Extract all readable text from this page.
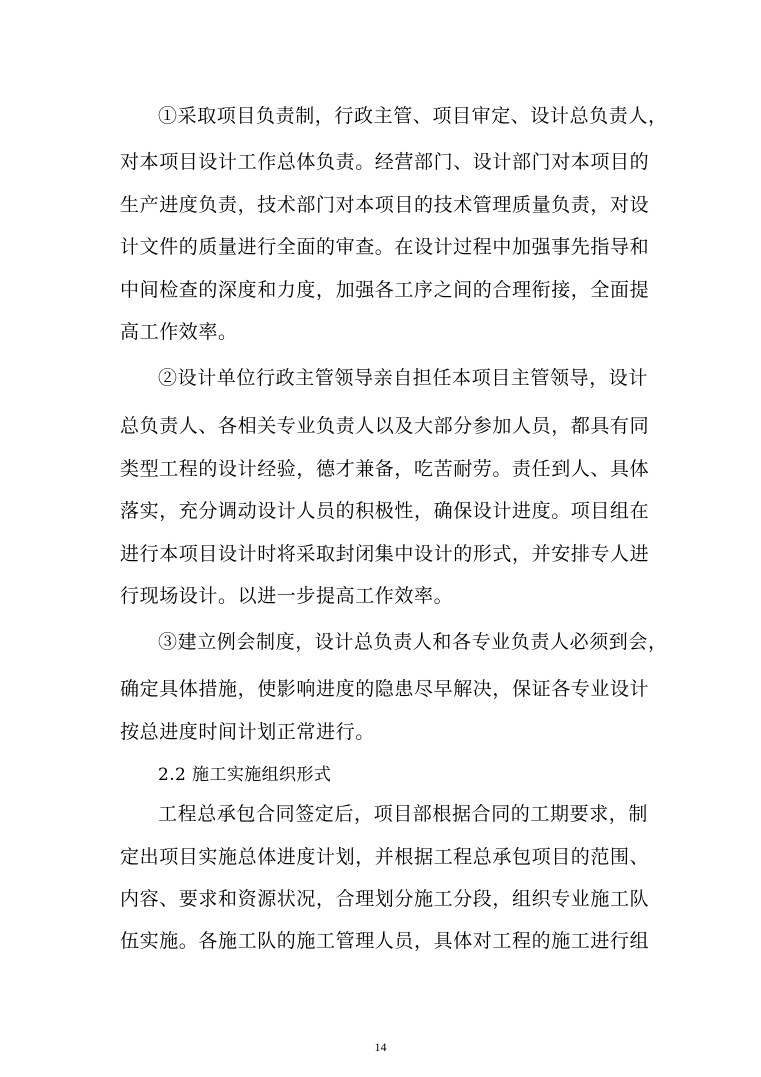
①采取项目负责制，行政主管、项目审定、设计总负责人，
对本项目设计工作总体负责。经营部门、设计部门对本项目的
生产进度负责，技术部门对本项目的技术管理质量负责，对设
计文件的质量进行全面的审查。在设计过程中加强事先指导和
中间检查的深度和力度，加强各工序之间的合理衔接，全面提
高工作效率。
②设计单位行政主管领导亲自担任本项目主管领导，设计
总负责人、各相关专业负责人以及大部分参加人员，都具有同
类型工程的设计经验，德才兼备，吃苦耐劳。责任到人、具体
落实，充分调动设计人员的积极性，确保设计进度。项目组在
进行本项目设计时将采取封闭集中设计的形式，并安排专人进
行现场设计。以进一步提高工作效率。
③建立例会制度，设计总负责人和各专业负责人必须到会，
确定具体措施，使影响进度的隐患尽早解决，保证各专业设计
按总进度时间计划正常进行。
2.2 施工实施组织形式
工程总承包合同签定后，项目部根据合同的工期要求，制
定出项目实施总体进度计划，并根据工程总承包项目的范围、
内容、要求和资源状况，合理划分施工分段，组织专业施工队
伍实施。各施工队的施工管理人员，具体对工程的施工进行组
14
